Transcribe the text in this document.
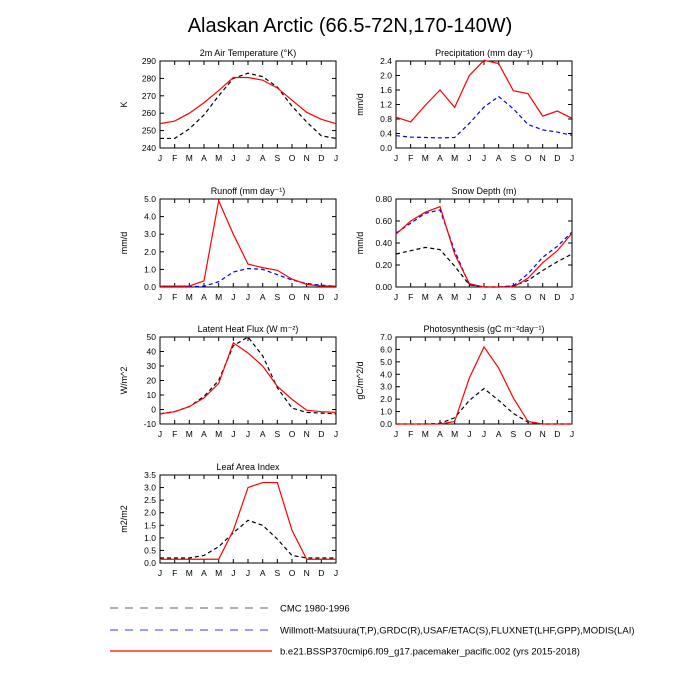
Alaskan Arctic (66.5-72N,170-140W)
2m Air Temperature (°K)
K
240
250
260
270
280
290
J F M A M J J A S O N D J
Precipitation (mm day⁻¹)
mm/d
0.0
0.4
0.8
1.2
1.6
2.0
2.4
J F M A M J J A S O N D J
Runoff (mm day⁻¹)
mm/d
0.0
1.0
2.0
3.0
4.0
5.0
J F M A M J J A S O N D J
Snow Depth (m)
mm/d
0.00
0.20
0.40
0.60
0.80
J F M A M J J A S O N D J
Latent Heat Flux (W m⁻²)
W/m^2
-10
0
10
20
30
40
50
J F M A M J J A S O N D J
Photosynthesis (gC m⁻²day⁻¹)
gC/m^2/d
0.0
1.0
2.0
3.0
4.0
5.0
6.0
7.0
J F M A M J J A S O N D J
Leaf Area Index
m2/m2
0.0
0.5
1.0
1.5
2.0
2.5
3.0
3.5
J F M A M J J A S O N D J
CMC 1980-1996
Willmott-Matsuura(T,P),GRDC(R),USAF/ETAC(S),FLUXNET(LHF,GPP),MODIS(LAI)
b.e21.BSSP370cmip6.f09_g17.pacemaker_pacific.002 (yrs 2015-2018)
